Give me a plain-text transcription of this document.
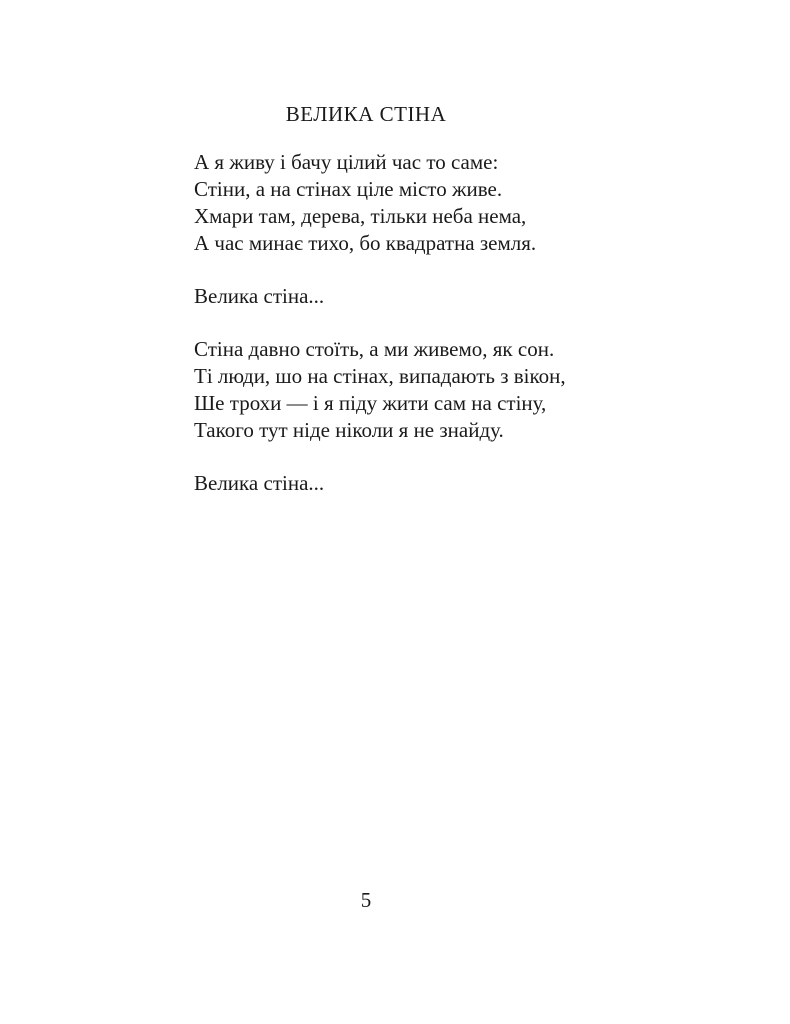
ВЕЛИКА СТІНА
А я живу і бачу цілий час то саме:
Стіни, а на стінах ціле місто живе.
Хмари там, дерева, тільки неба нема,
А час минає тихо, бо квадратна земля.
Велика стіна...
Стіна давно стоїть, а ми живемо, як сон.
Ті люди, шо на стінах, випадають з вікон,
Ше трохи — і я піду жити сам на стіну,
Такого тут ніде ніколи я не знайду.
Велика стіна...
5
